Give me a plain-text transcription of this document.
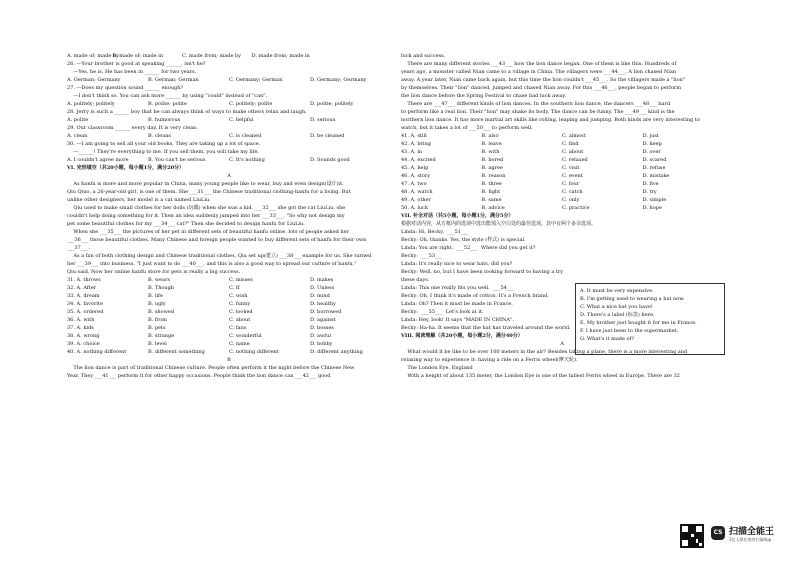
A. made of; made by
B. made of; made in	C. made from; made by	D. made from; made in
26. —Your brother is good at speaking ______, isn't he?
—Yes, he is. He has been in ______ for two years.
A. German; Germany	B. German; German	C. Germany; German	D. Germany; Germany
27. —Does my question sound ______ enough?
—I don't think so. You can ask more ______ by using "could" instead of "can".
A. politely; politely	B. polite; polite	C. politely; polite	D. polite; politely
28. Jerry is such a ______ boy that he can always think of ways to make others relax and laugh.
A. polite	B. humorous	C. helpful	D. serious
29. Our classroom ______ every day. It is very clean.
A. clean	B. cleans	C. is cleaned	D. be cleaned
30. —I am going to sell all your old books. They are taking up a lot of space.
—______! They're everything to me. If you sell them, you will take my life.
A. I couldn't agree more	B. You can't be serious	C. It's nothing	D. Sounds good
VI. 完形填空（共20小题，每小题1分，满分20分）
A
As hanfu is more and more popular in China, many young people like to wear, buy and even design(设计)it.
Qiu Qiuo, a 26-year-old girl, is one of them. She ___31___ the Chinese traditional clothing-hanfu for a living. But
unlike other designers, her model is a cat named LiuLiu.
Qiu used to make small clothes for her dolls (玩偶) when she was a kid. ___32___ she got the cat LiuLiu, she
couldn't help doing something for it. Then an idea suddenly jumped into her ___33___. "So why not design my
pet some beautiful clothes for my ___34___ cat?" Then she decided to design hanfu for LiuLiu.
When she ___35___ the pictures of her pet in different sets of beautiful hanfu online, lots of people asked her
___36___ those beautiful clothes. Many Chinese and foreign people wanted to buy different sets of hanfu for their own
___37___.
As a fan of both clothing design and Chinese traditional clothes, Qiu set up(建立) ___38___ example for us. She turned
her ___39___ into business. "I just want to do ___40___, and this is also a good way to spread our culture of hanfu."
Qiu said. Now her online hanfu store for pets is really a big success.
31. A. throws	B. wears	C. misses	D. makes
32. A. After	B. Though	C. If	D. Unless
33. A. dream	B. life	C. wish	D. mind
34. A. favorite	B. ugly	C. funny	D. healthy
35. A. ordered	B. showed	C. looked	D. borrowed
36. A. with	B. from	C. about	D. against
37. A. kids	B. pets	C. fans	D. bosses
38. A. wrong	B. strange	C. wonderful	D. awful
39. A. choice	B. level	C. name	D. hobby
40. A. nothing different	B. different something	C. nothing different	D. different anything
B
The lion dance is part of traditional Chinese culture. People often perform it the night before the Chinese New
Year. They ___41___ perform it for other happy occasions. People think the lion dance can ___42___ good
luck and success.
There are many different stories ___43___ how the lion dance began. One of them is like this: Hundreds of
years ago, a monster called Nian came to a village in China. The villagers were ___44___. A lion chased Nian
away. A year later, Nian came back again, but this time the lion couldn't ___45___. So the villagers made a "lion"
by themselves. Their "lion" danced, jumped and chased Nian away. For this ___46___, people began to perform
the lion dance before the Spring Festival to chase bad luck away.
There are ___47___ different kinds of lion dances. In the southern lion dance, the dancers ___48___ hard
to perform like a real lion. Their "lion" may shake its body. The dance can be funny. The ___49___ kind is the
northern lion dance. It has more martial art skills like rolling, leaping and jumping. Both kinds are very interesting to
watch, but it takes a lot of ___50___ to perform well.
41. A. still	B. also	C. almost	D. just
42. A. bring	B. leave	C. find	D. keep
43. A. in	B. with	C. about	D. over
44. A. excited	B. bored	C. relaxed	D. scared
45. A. help	B. agree	C. visit	D. refuse
46. A. story	B. reason	C. event	D. mistake
47. A. two	B. three	C. four	D. five
48. A. watch	B. fight	C. catch	D. try
49. A. other	B. same	C. only	D. simple
50. A. luck	B. advice	C. practice	D. hope
VII. 补全对话（共5小题，每小题1分，满分5分）
根据对话内容，从方框内的选项中选出能填入空白处的最佳选项，其中有两个多余选项。
Linda: Hi, Becky.  ___51___
Becky: Oh, thanks. Yes, the style (样式) is special.
Linda: You are right.  ___52___  Where did you get it?
Becky:  ___53___
Linda: It's really nice to wear hats, did you?
Becky: Well, no, but I have been looking forward to having a try
these days.
Linda: This one really fits you well.  ___54___
Becky: Oh, I think it's made of cotton. It's a French brand.
Linda: Oh? Then it must be made in France.
Becky:  ___55___  Let's look at it.
Linda: Hey, look! It says "MADE IN CHINA".
Becky: Ha-ha. It seems that the hat has traveled around the world.
VIII. 阅读理解（共20小题，每小题2分，满分40分）
A
What would it be like to be over 100 meters in the air? Besides taking a plane, there is a more interesting and
relaxing way to experience it: having a ride on a Ferris wheel(摩天轮).
The London Eye, England
With a height of about 135 meter, the London Eye is one of the tallest Ferris wheel in Europe. There are 32
A. It must be very expensive.
B. I'm getting used to wearing a hat now.
C. What a nice hat you have!
D. There's a label (标签) here.
E. My brother just bought it for me in France.
F. I have just been to the supermarket.
G. What's it made of?
CS 扫描全能王
3亿人都在用的扫描App
